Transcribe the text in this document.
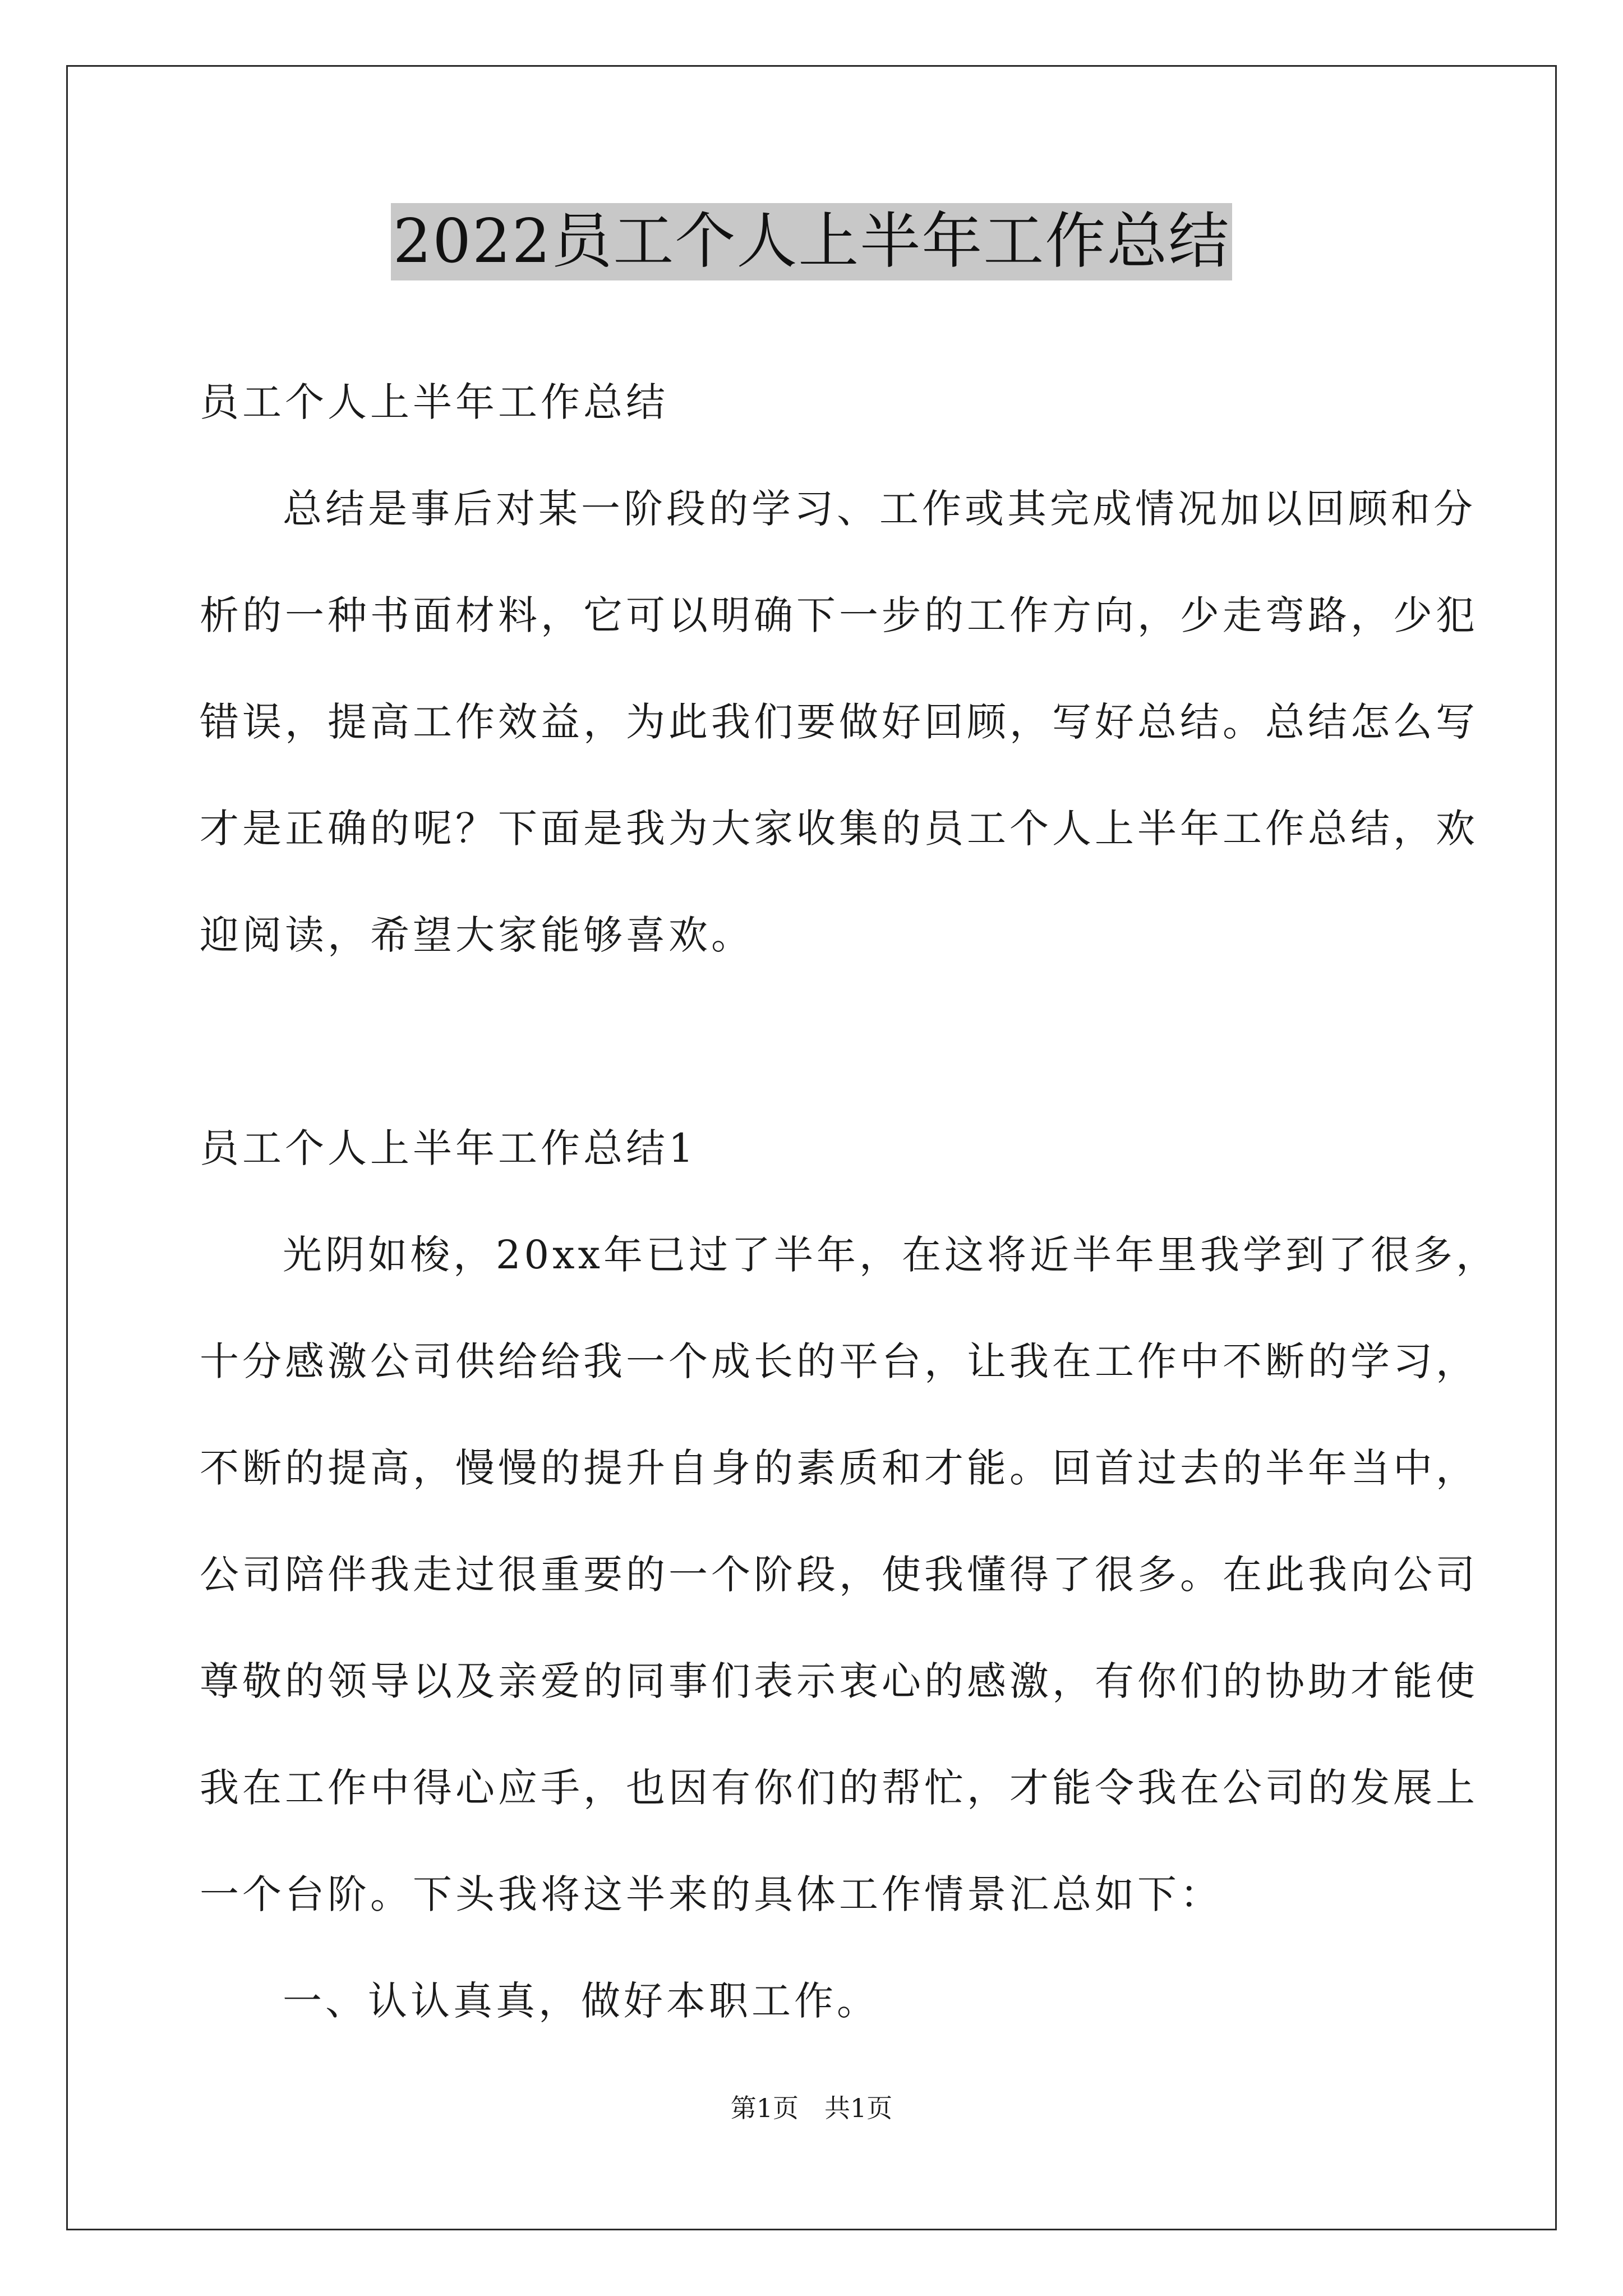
2022员工个人上半年工作总结
员工个人上半年工作总结
总结是事后对某一阶段的学习、工作或其完成情况加以回顾和分
析的一种书面材料，它可以明确下一步的工作方向，少走弯路，少犯
错误，提高工作效益，为此我们要做好回顾，写好总结。总结怎么写
才是正确的呢？下面是我为大家收集的员工个人上半年工作总结，欢
迎阅读，希望大家能够喜欢。
员工个人上半年工作总结1
光阴如梭，20xx年已过了半年，在这将近半年里我学到了很多，
十分感激公司供给给我一个成长的平台，让我在工作中不断的学习，
不断的提高，慢慢的提升自身的素质和才能。回首过去的半年当中，
公司陪伴我走过很重要的一个阶段，使我懂得了很多。在此我向公司
尊敬的领导以及亲爱的同事们表示衷心的感激，有你们的协助才能使
我在工作中得心应手，也因有你们的帮忙，才能令我在公司的发展上
一个台阶。下头我将这半来的具体工作情景汇总如下：
一、认认真真，做好本职工作。
第1页 共1页
